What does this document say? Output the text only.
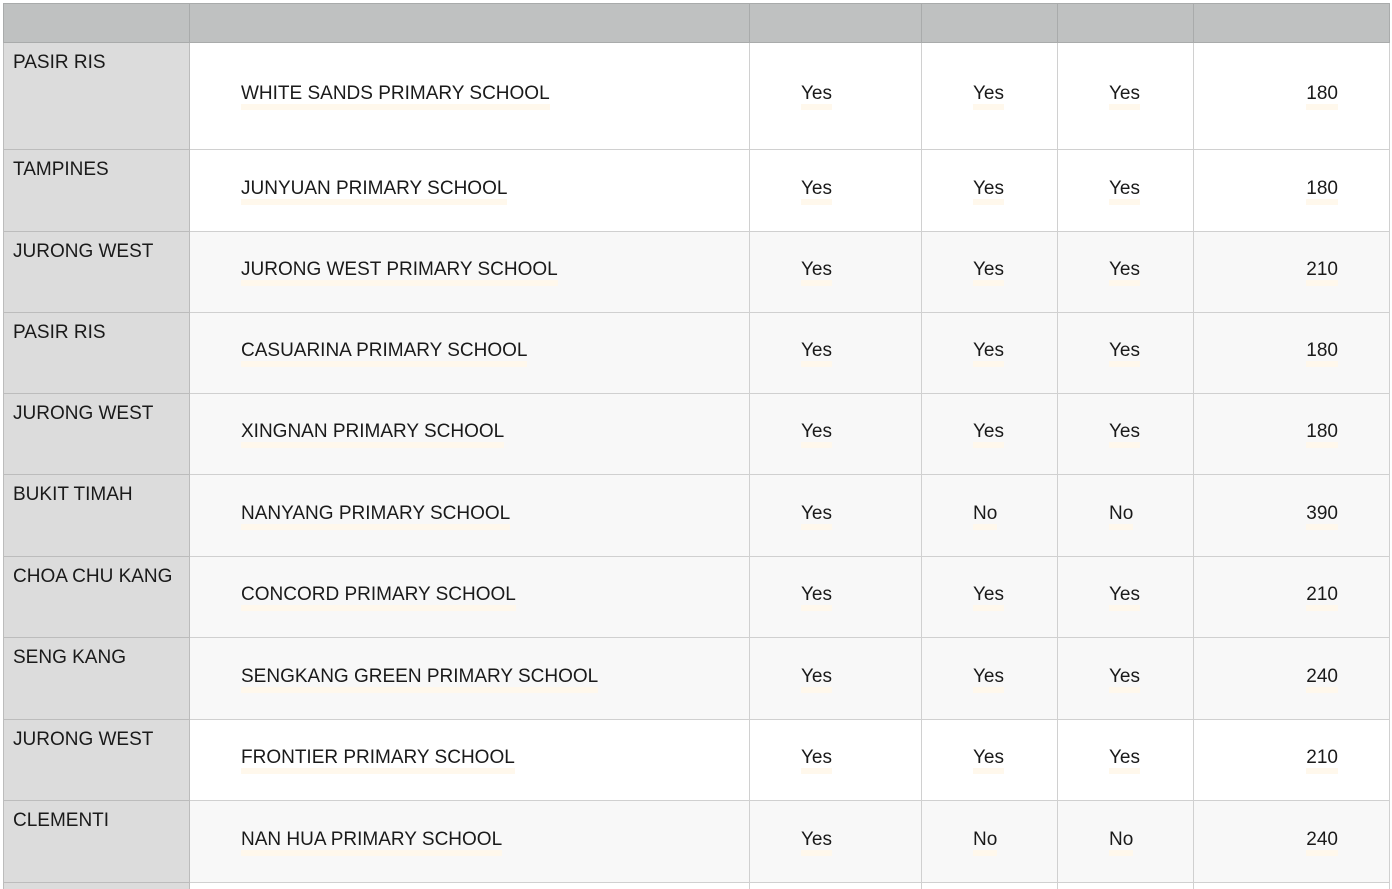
PASIR RIS	WHITE SANDS PRIMARY SCHOOL	Yes	Yes	Yes	180
TAMPINES	JUNYUAN PRIMARY SCHOOL	Yes	Yes	Yes	180
JURONG WEST	JURONG WEST PRIMARY SCHOOL	Yes	Yes	Yes	210
PASIR RIS	CASUARINA PRIMARY SCHOOL	Yes	Yes	Yes	180
JURONG WEST	XINGNAN PRIMARY SCHOOL	Yes	Yes	Yes	180
BUKIT TIMAH	NANYANG PRIMARY SCHOOL	Yes	No	No	390
CHOA CHU KANG	CONCORD PRIMARY SCHOOL	Yes	Yes	Yes	210
SENG KANG	SENGKANG GREEN PRIMARY SCHOOL	Yes	Yes	Yes	240
JURONG WEST	FRONTIER PRIMARY SCHOOL	Yes	Yes	Yes	210
CLEMENTI	NAN HUA PRIMARY SCHOOL	Yes	No	No	240
